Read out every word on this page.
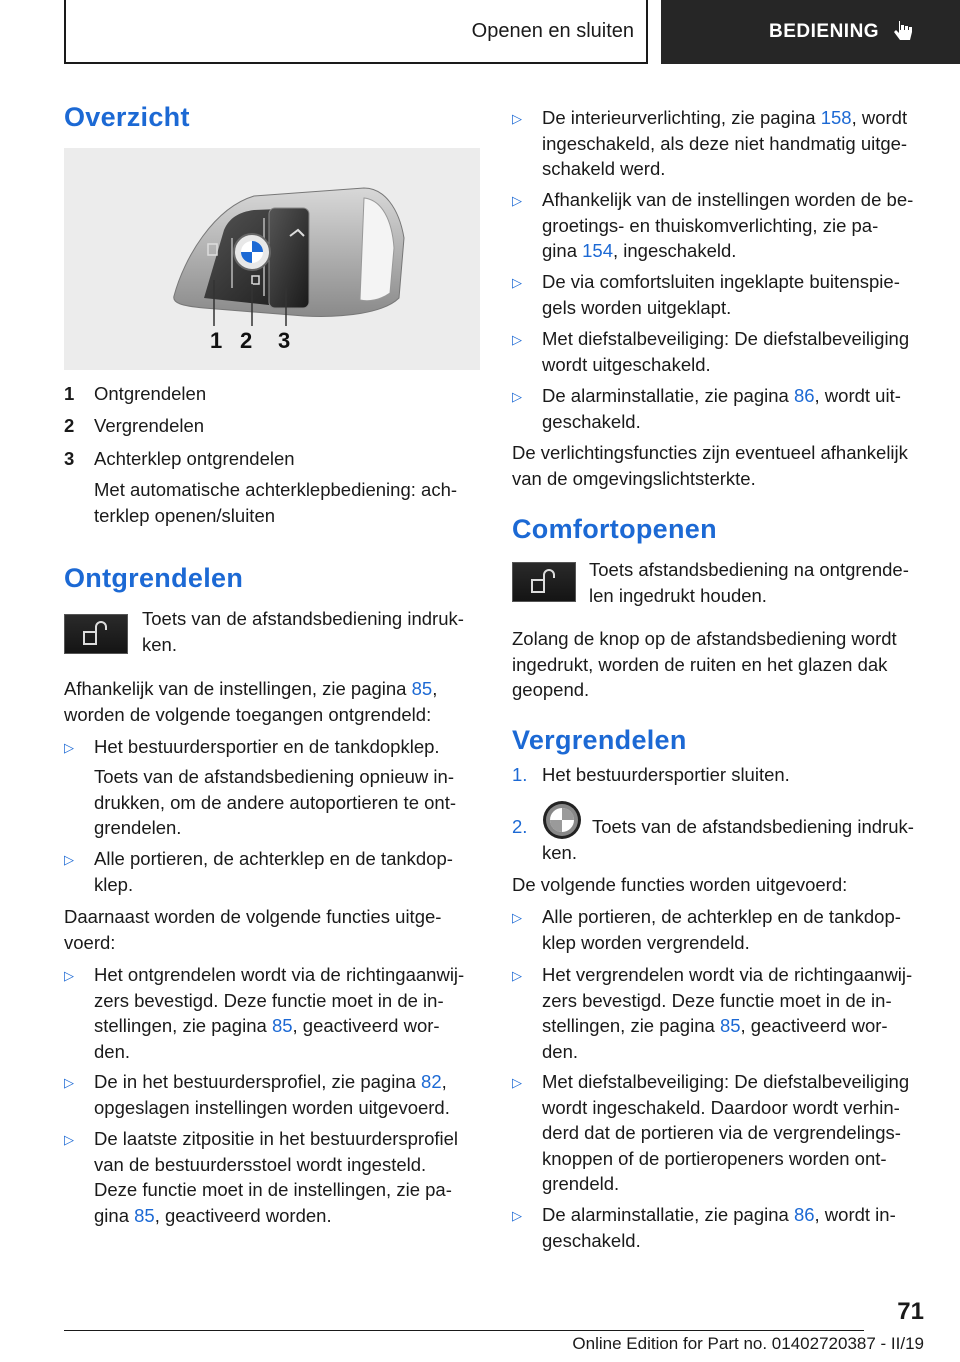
Openen en sluiten	BEDIENING
Overzicht
1 2 3
1 Ontgrendelen
2 Vergrendelen
3 Achterklep ontgrendelen

Met automatische achterklepbediening: ach-
terklep openen/sluiten

Ontgrendelen

Toets van de afstandsbediening indruk-
ken.

Afhankelijk van de instellingen, zie pagina 85,
worden de volgende toegangen ontgrendeld:

▷ Het bestuurdersportier en de tankdopklep.

Toets van de afstandsbediening opnieuw in-
drukken, om de andere autoportieren te ont-
grendelen.

▷ Alle portieren, de achterklep en de tankdop-
klep.

Daarnaast worden de volgende functies uitge-
voerd:

▷ Het ontgrendelen wordt via de richtingaanwij-
zers bevestigd. Deze functie moet in de in-
stellingen, zie pagina 85, geactiveerd wor-
den.
▷ De in het bestuurdersprofiel, zie pagina 82,
opgeslagen instellingen worden uitgevoerd.
▷ De laatste zitpositie in het bestuurdersprofiel
van de bestuurdersstoel wordt ingesteld.
Deze functie moet in de instellingen, zie pa-
gina 85, geactiveerd worden.
▷ De interieurverlichting, zie pagina 158, wordt
ingeschakeld, als deze niet handmatig uitge-
schakeld werd.
▷ Afhankelijk van de instellingen worden de be-
groetings- en thuiskomverlichting, zie pa-
gina 154, ingeschakeld.
▷ De via comfortsluiten ingeklapte buitenspie-
gels worden uitgeklapt.
▷ Met diefstalbeveiliging: De diefstalbeveiliging
wordt uitgeschakeld.
▷ De alarminstallatie, zie pagina 86, wordt uit-
geschakeld.

De verlichtingsfuncties zijn eventueel afhankelijk
van de omgevingslichtsterkte.

Comfortopenen

Toets afstandsbediening na ontgrende-
len ingedrukt houden.

Zolang de knop op de afstandsbediening wordt
ingedrukt, worden de ruiten en het glazen dak
geopend.

Vergrendelen
1. Het bestuurdersportier sluiten.
2.	Toets van de afstandsbediening indruk-
ken.

De volgende functies worden uitgevoerd:

▷ Alle portieren, de achterklep en de tankdop-
klep worden vergrendeld.
▷ Het vergrendelen wordt via de richtingaanwij-
zers bevestigd. Deze functie moet in de in-
stellingen, zie pagina 85, geactiveerd wor-
den.
▷ Met diefstalbeveiliging: De diefstalbeveiliging
wordt ingeschakeld. Daardoor wordt verhin-
derd dat de portieren via de vergrendelings-
knoppen of de portieropeners worden ont-
grendeld.
▷ De alarminstallatie, zie pagina 86, wordt in-
geschakeld.
71
Online Edition for Part no. 01402720387 - II/19
